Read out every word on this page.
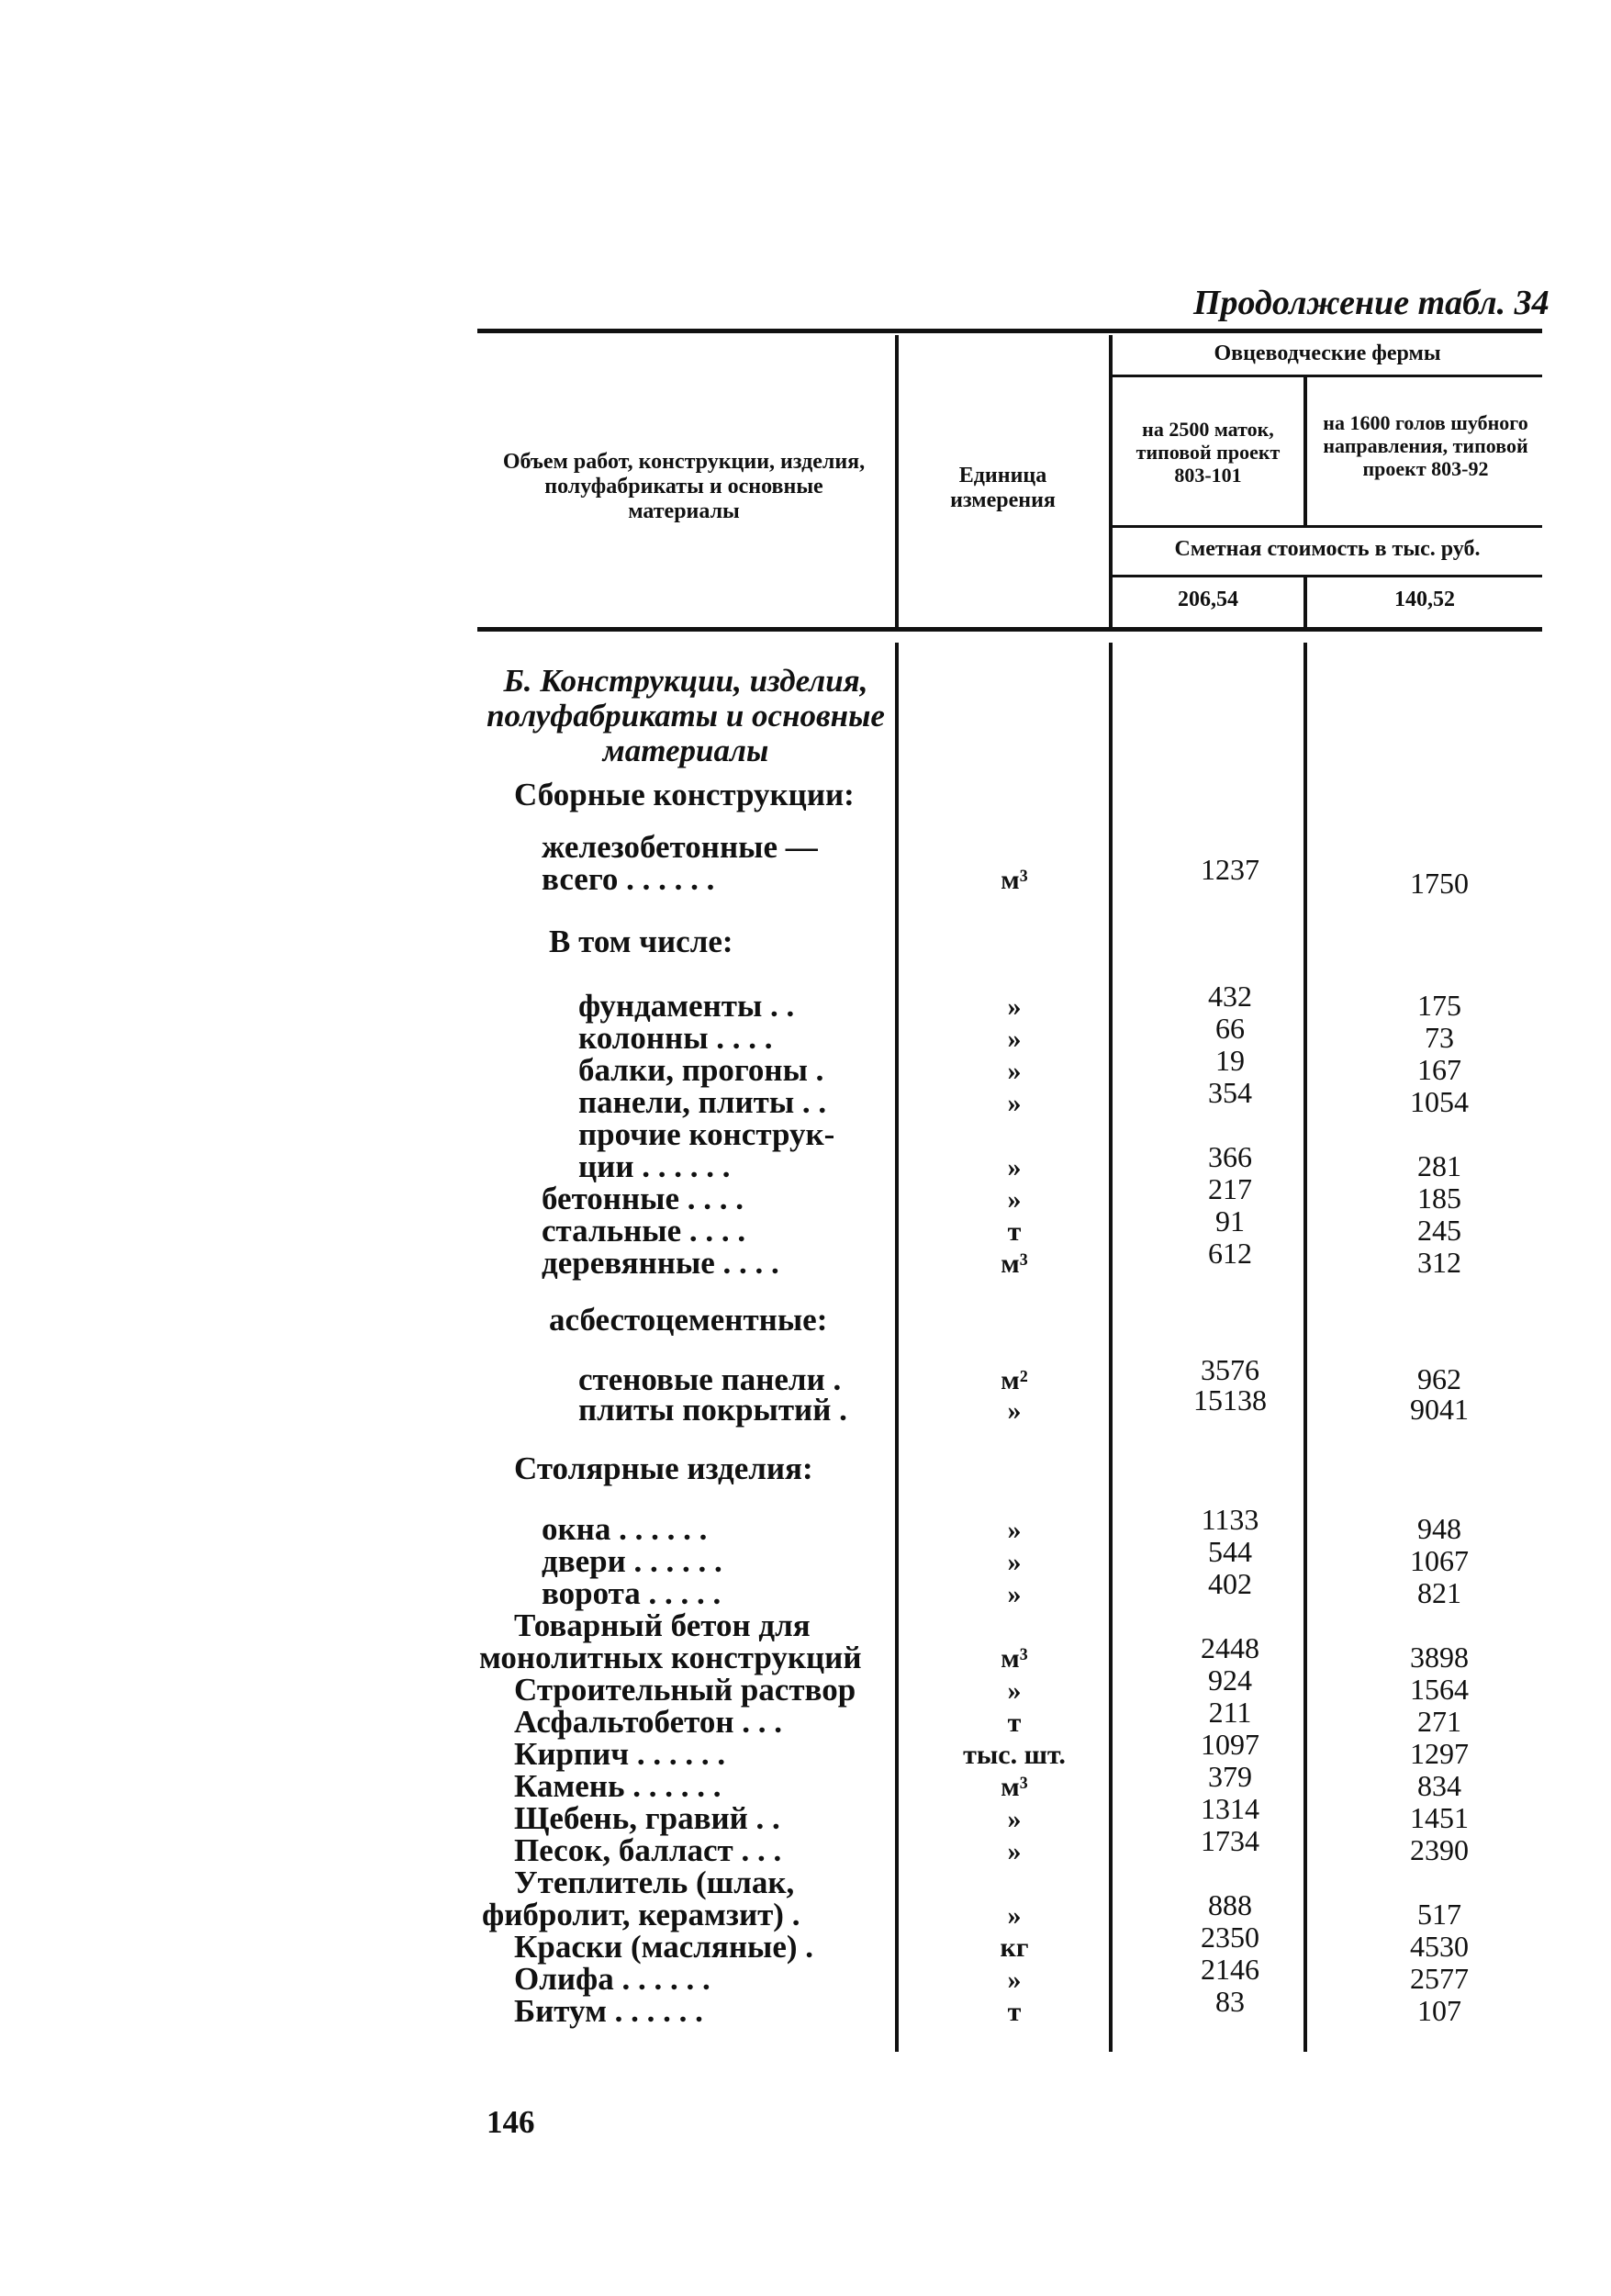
Продолжение табл. 34
Объем работ, конструкции, изделия, полуфабрикаты и основные материалы
Единица измерения
Овцеводческие фермы
на 2500 маток, типовой проект 803-101
на 1600 голов шубного направления, типовой проект 803-92
Сметная стоимость в тыс. руб.
206,54	140,52
Б. Конструкции, изделия, полуфабрикаты и основные материалы
Сборные конструкции:
железобетонные —
всего . . . . . .	м³	1237	1750
В том числе:
фундаменты . .	»	432	175
колонны . . . .	»	66	73
балки, прогоны .	»	19	167
панели, плиты . .	»	354	1054
прочие конструк-
ции . . . . . .	»	366	281
бетонные . . . .	»	217	185
стальные . . . .	т	91	245
деревянные . . . .	м³	612	312
асбестоцементные:
стеновые панели .	м²	3576	962
плиты покрытий .	»	15138	9041
Столярные изделия:
окна . . . . . .	»	1133	948
двери . . . . . .	»	544	1067
ворота . . . . .	»	402	821
Товарный бетон для
монолитных конструкций	м³	2448	3898
Строительный раствор	»	924	1564
Асфальтобетон . . .	т	211	271
Кирпич . . . . . .	тыс. шт.	1097	1297
Камень . . . . . .	м³	379	834
Щебень, гравий . .	»	1314	1451
Песок, балласт . . .	»	1734	2390
Утеплитель (шлак,
фибролит, керамзит) .	»	888	517
Краски (масляные) .	кг	2350	4530
Олифа . . . . . .	»	2146	2577
Битум . . . . . .	т	83	107
146
